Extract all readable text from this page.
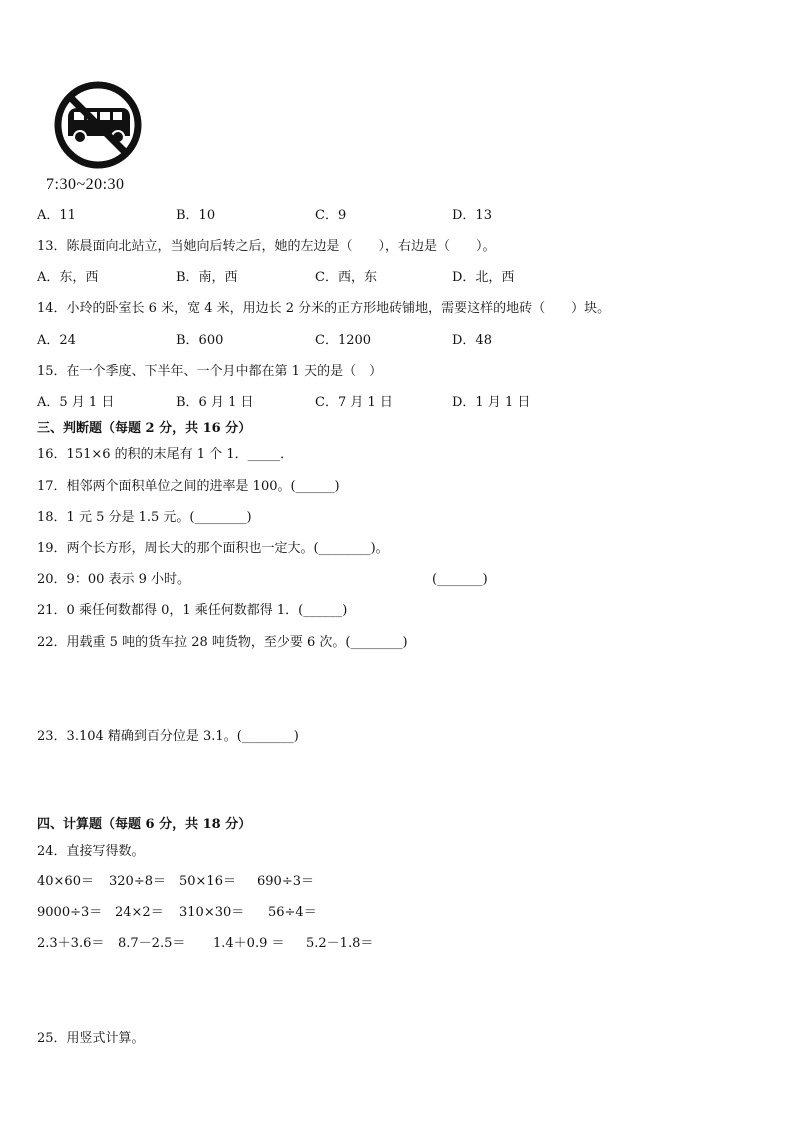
7:30~20:30
A．11	B．10	C．9	D．13
13．陈晨面向北站立，当她向后转之后，她的左边是（　　），右边是（　　）。
A．东，西	B．南，西	C．西，东	D．北，西
14．小玲的卧室长 6 米，宽 4 米，用边长 2 分米的正方形地砖铺地，需要这样的地砖（　　）块。
A．24	B．600	C．1200	D．48
15．在一个季度、下半年、一个月中都在第 1 天的是（　）
A．5 月 1 日	B．6 月 1 日	C．7 月 1 日	D．1 月 1 日
三、判断题（每题 2 分，共 16 分）
16．151×6 的积的末尾有 1 个 1．_____．
17．相邻两个面积单位之间的进率是 100。(______)
18．1 元 5 分是 1.5 元。(________)
19．两个长方形，周长大的那个面积也一定大。(________)。
20．9：00 表示 9 小时。	(_______)
21．0 乘任何数都得 0，1 乘任何数都得 1．(______)
22．用载重 5 吨的货车拉 28 吨货物，至少要 6 次。(________)
23．3.104 精确到百分位是 3.1。(________)
四、计算题（每题 6 分，共 18 分）
24．直接写得数。
40×60＝ 320÷8＝ 50×16＝ 690÷3＝
9000÷3＝ 24×2＝ 310×30＝ 56÷4＝
2.3＋3.6＝ 8.7－2.5＝ 1.4＋0.9 ＝ 5.2－1.8＝
25．用竖式计算。
